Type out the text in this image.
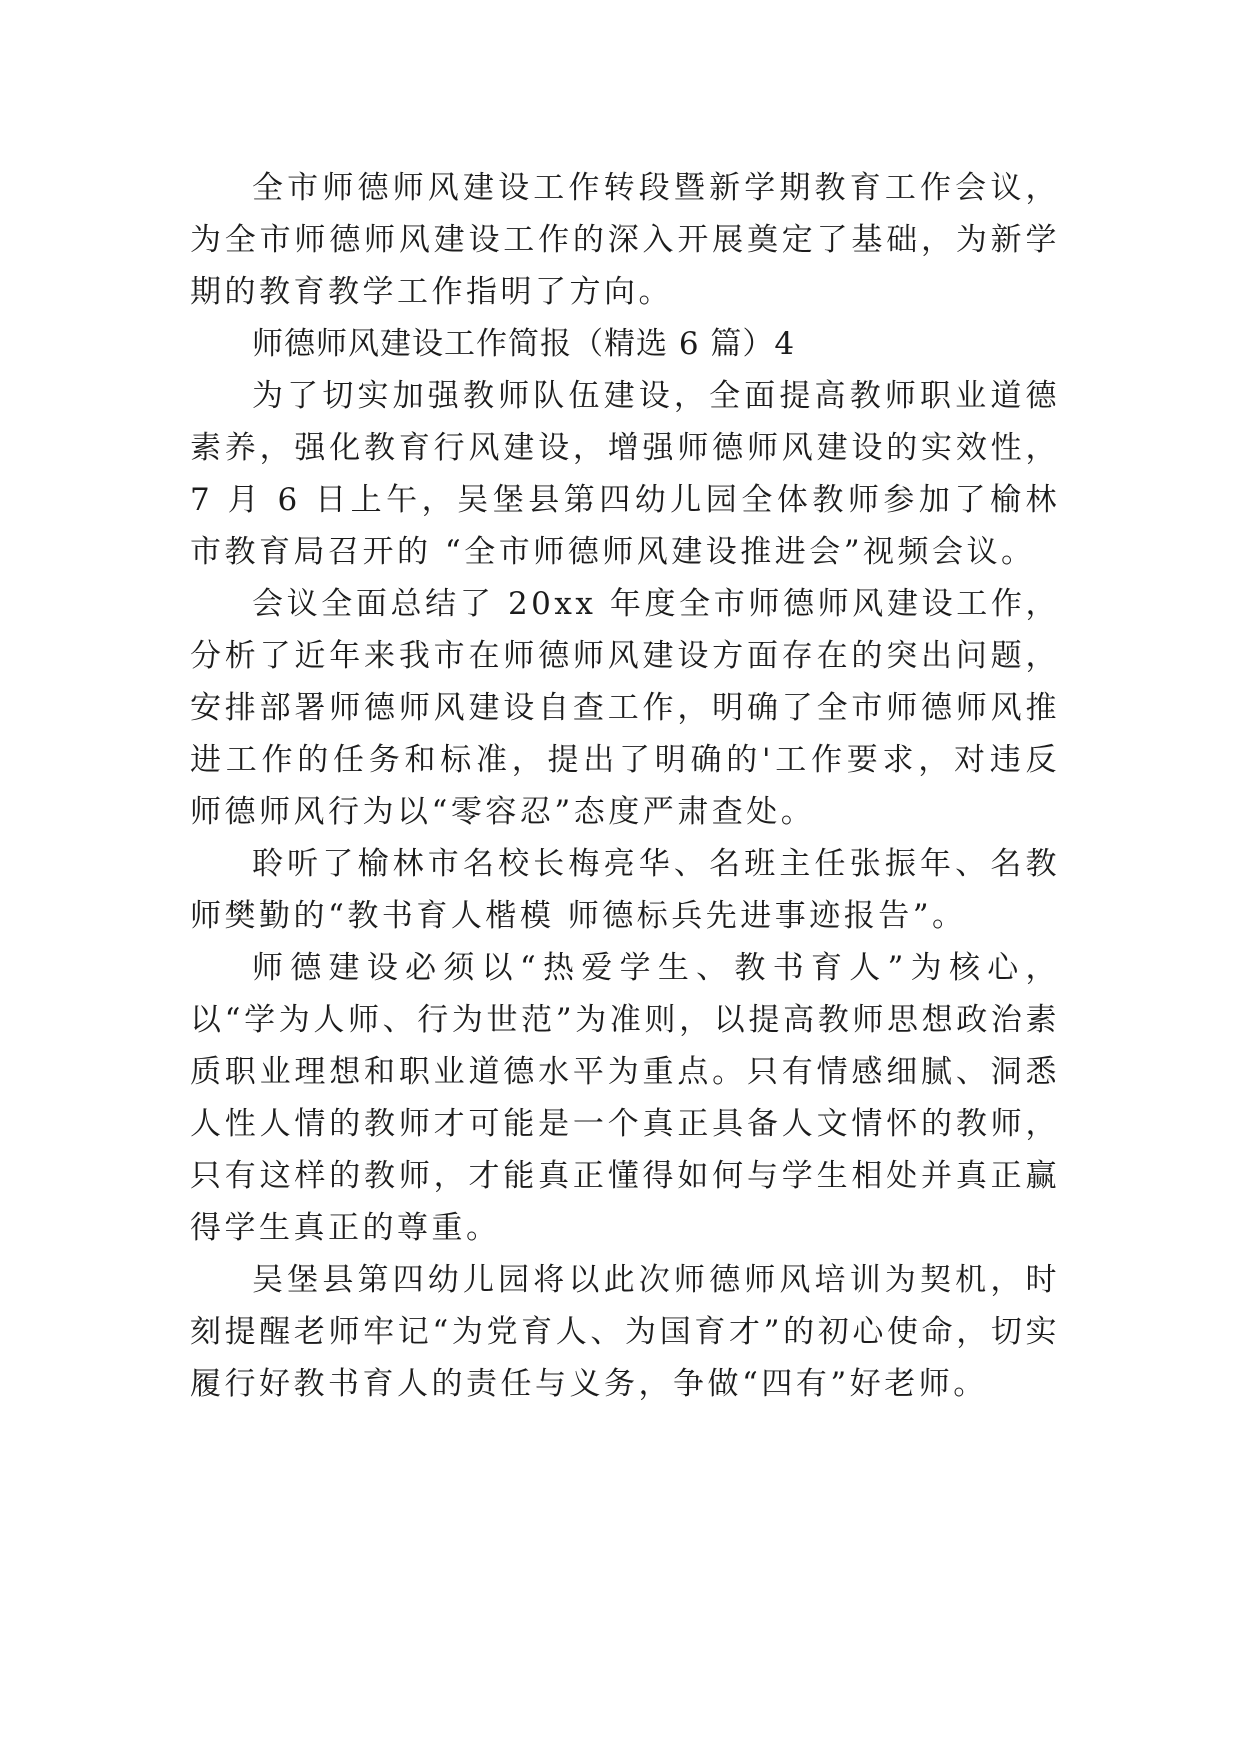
全市师德师风建设工作转段暨新学期教育工作会议，为全市师德师风建设工作的深入开展奠定了基础，为新学期的教育教学工作指明了方向。

师德师风建设工作简报（精选 6 篇）4

为了切实加强教师队伍建设，全面提高教师职业道德素养，强化教育行风建设，增强师德师风建设的实效性，7 月 6 日上午，吴堡县第四幼儿园全体教师参加了榆林市教育局召开的 “全市师德师风建设推进会”视频会议。

会议全面总结了 20xx 年度全市师德师风建设工作，分析了近年来我市在师德师风建设方面存在的突出问题，安排部署师德师风建设自查工作，明确了全市师德师风推进工作的任务和标准，提出了明确的'工作要求，对违反师德师风行为以“零容忍”态度严肃查处。

聆听了榆林市名校长梅亮华、名班主任张振年、名教师樊勤的“教书育人楷模 师德标兵先进事迹报告”。

师德建设必须以“热爱学生、教书育人”为核心，以“学为人师、行为世范”为准则，以提高教师思想政治素质职业理想和职业道德水平为重点。只有情感细腻、洞悉人性人情的教师才可能是一个真正具备人文情怀的教师，只有这样的教师，才能真正懂得如何与学生相处并真正赢得学生真正的尊重。

吴堡县第四幼儿园将以此次师德师风培训为契机，时刻提醒老师牢记“为党育人、为国育才”的初心使命，切实履行好教书育人的责任与义务，争做“四有”好老师。
